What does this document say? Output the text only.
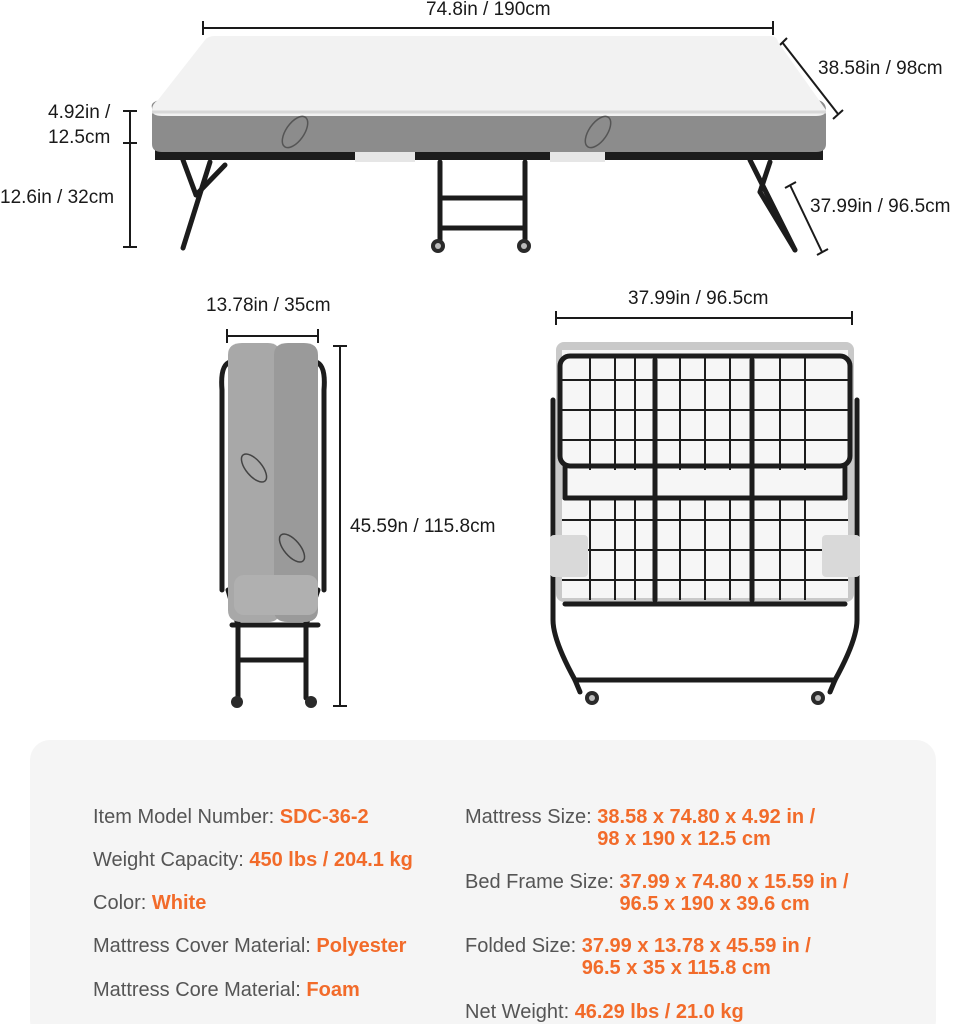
74.8in / 190cm
38.58in / 98cm
4.92in /
12.5cm
12.6in / 32cm	37.99in / 96.5cm
13.78in / 35cm
45.59n / 115.8cm
37.99in / 96.5cm
Item Model Number: SDC-36-2
Weight Capacity: 450 lbs / 204.1 kg
Color: White
Mattress Cover Material: Polyester
Mattress Core Material: Foam
Mattress Size: 38.58 x 74.80 x 4.92 in /
98 x 190 x 12.5 cm
Bed Frame Size: 37.99 x 74.80 x 15.59 in /
96.5 x 190 x 39.6 cm
Folded Size: 37.99 x 13.78 x 45.59 in /
96.5 x 35 x 115.8 cm
Net Weight: 46.29 lbs / 21.0 kg
